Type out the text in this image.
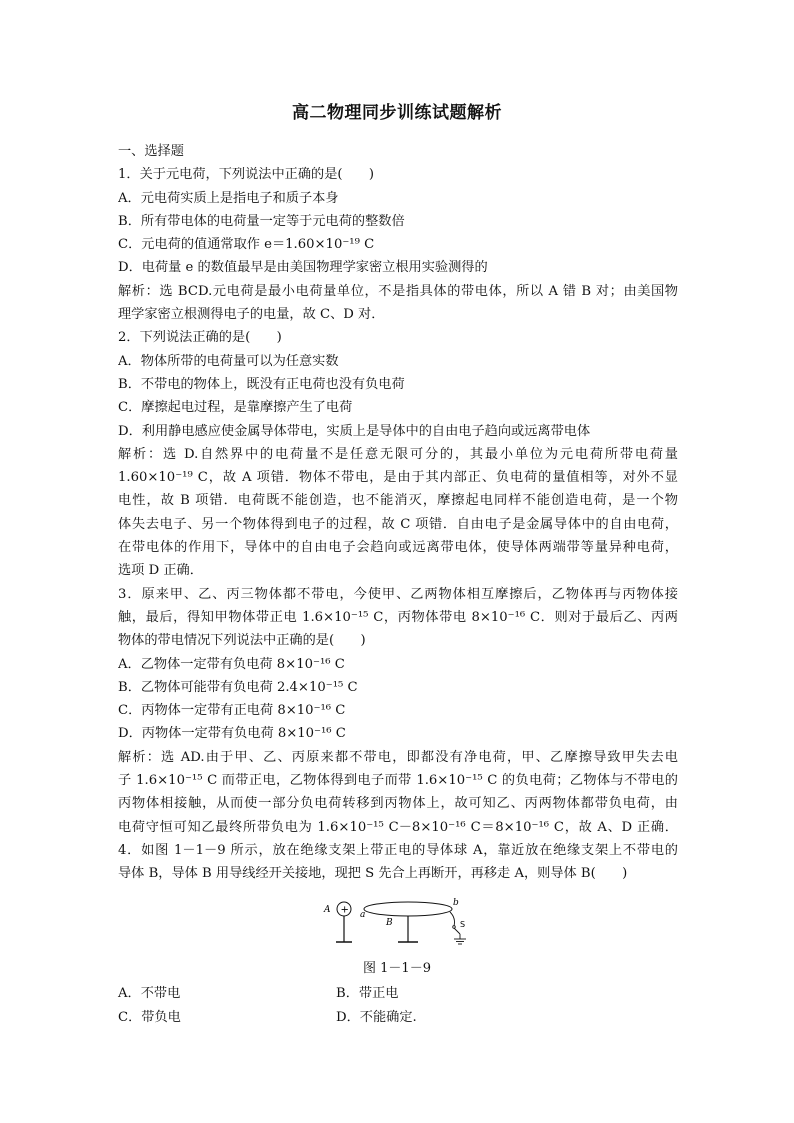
高二物理同步训练试题解析
一、选择题
1．关于元电荷，下列说法中正确的是(　　)
A．元电荷实质上是指电子和质子本身
B．所有带电体的电荷量一定等于元电荷的整数倍
C．元电荷的值通常取作 e＝1.60×10⁻¹⁹ C
D．电荷量 e 的数值最早是由美国物理学家密立根用实验测得的
解析：选 BCD.元电荷是最小电荷量单位，不是指具体的带电体，所以 A 错 B 对；由美国物
理学家密立根测得电子的电量，故 C、D 对．
2．下列说法正确的是(　　)
A．物体所带的电荷量可以为任意实数
B．不带电的物体上，既没有正电荷也没有负电荷
C．摩擦起电过程，是靠摩擦产生了电荷
D．利用静电感应使金属导体带电，实质上是导体中的自由电子趋向或远离带电体
解析：选 D.自然界中的电荷量不是任意无限可分的，其最小单位为元电荷所带电荷量
1.60×10⁻¹⁹ C，故 A 项错．物体不带电，是由于其内部正、负电荷的量值相等，对外不显
电性，故 B 项错．电荷既不能创造，也不能消灭，摩擦起电同样不能创造电荷，是一个物
体失去电子、另一个物体得到电子的过程，故 C 项错．自由电子是金属导体中的自由电荷，
在带电体的作用下，导体中的自由电子会趋向或远离带电体，使导体两端带等量异种电荷，
选项 D 正确．
3．原来甲、乙、丙三物体都不带电，今使甲、乙两物体相互摩擦后，乙物体再与丙物体接
触，最后，得知甲物体带正电 1.6×10⁻¹⁵ C，丙物体带电 8×10⁻¹⁶ C．则对于最后乙、丙两
物体的带电情况下列说法中正确的是(　　)
A．乙物体一定带有负电荷 8×10⁻¹⁶ C
B．乙物体可能带有负电荷 2.4×10⁻¹⁵ C
C．丙物体一定带有正电荷 8×10⁻¹⁶ C
D．丙物体一定带有负电荷 8×10⁻¹⁶ C
解析：选 AD.由于甲、乙、丙原来都不带电，即都没有净电荷，甲、乙摩擦导致甲失去电
子 1.6×10⁻¹⁵ C 而带正电，乙物体得到电子而带 1.6×10⁻¹⁵ C 的负电荷；乙物体与不带电的
丙物体相接触，从而使一部分负电荷转移到丙物体上，故可知乙、丙两物体都带负电荷，由
电荷守恒可知乙最终所带负电为 1.6×10⁻¹⁵ C－8×10⁻¹⁶ C＝8×10⁻¹⁶ C，故 A、D 正确．
4．如图 1－1－9 所示，放在绝缘支架上带正电的导体球 A，靠近放在绝缘支架上不带电的
导体 B，导体 B 用导线经开关接地，现把 S 先合上再断开，再移走 A，则导体 B(　　)
A + a
B
b
S
图 1－1－9
A．不带电	B．带正电
C．带负电	D．不能确定.
